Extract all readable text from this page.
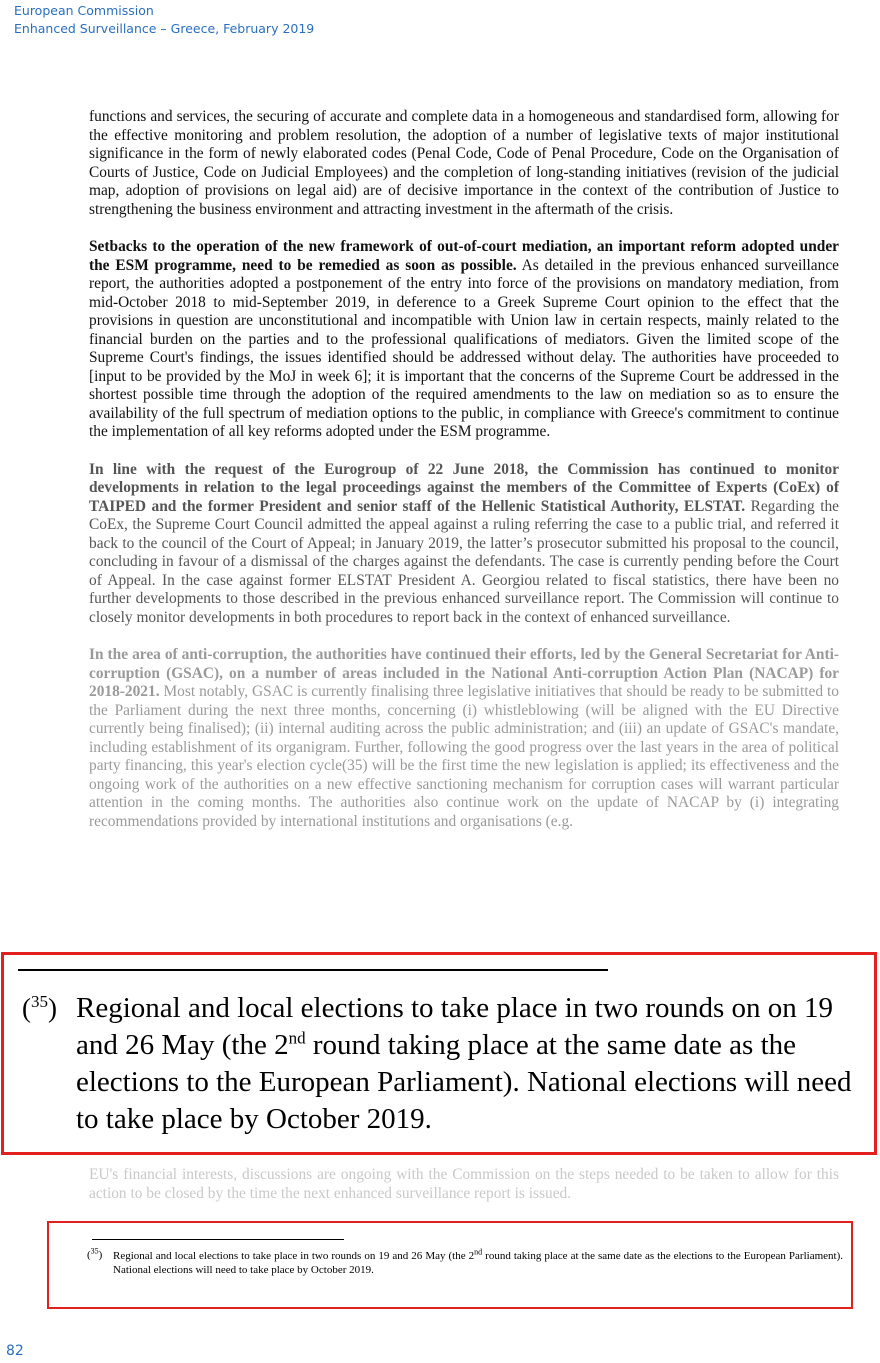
European Commission
Enhanced Surveillance – Greece, February 2019

functions and services, the securing of accurate and complete data in a homogeneous and standardised form, allowing for the effective monitoring and problem resolution, the adoption of a number of legislative texts of major institutional significance in the form of newly elaborated codes (Penal Code, Code of Penal Procedure, Code on the Organisation of Courts of Justice, Code on Judicial Employees) and the completion of long-standing initiatives (revision of the judicial map, adoption of provisions on legal aid) are of decisive importance in the context of the contribution of Justice to strengthening the business environment and attracting investment in the aftermath of the crisis.

Setbacks to the operation of the new framework of out-of-court mediation, an important reform adopted under the ESM programme, need to be remedied as soon as possible. As detailed in the previous enhanced surveillance report, the authorities adopted a postponement of the entry into force of the provisions on mandatory mediation, from mid-October 2018 to mid-September 2019, in deference to a Greek Supreme Court opinion to the effect that the provisions in question are unconstitutional and incompatible with Union law in certain respects, mainly related to the financial burden on the parties and to the professional qualifications of mediators. Given the limited scope of the Supreme Court's findings, the issues identified should be addressed without delay. The authorities have proceeded to [input to be provided by the MoJ in week 6]; it is important that the concerns of the Supreme Court be addressed in the shortest possible time through the adoption of the required amendments to the law on mediation so as to ensure the availability of the full spectrum of mediation options to the public, in compliance with Greece's commitment to continue the implementation of all key reforms adopted under the ESM programme.

In line with the request of the Eurogroup of 22 June 2018, the Commission has continued to monitor developments in relation to the legal proceedings against the members of the Committee of Experts (CoEx) of TAIPED and the former President and senior staff of the Hellenic Statistical Authority, ELSTAT. Regarding the CoEx, the Supreme Court Council admitted the appeal against a ruling referring the case to a public trial, and referred it back to the council of the Court of Appeal; in January 2019, the latter’s prosecutor submitted his proposal to the council, concluding in favour of a dismissal of the charges against the defendants. The case is currently pending before the Court of Appeal. In the case against former ELSTAT President A. Georgiou related to fiscal statistics, there have been no further developments to those described in the previous enhanced surveillance report. The Commission will continue to closely monitor developments in both procedures to report back in the context of enhanced surveillance.

In the area of anti-corruption, the authorities have continued their efforts, led by the General Secretariat for Anti-corruption (GSAC), on a number of areas included in the National Anti-corruption Action Plan (NACAP) for 2018-2021. Most notably, GSAC is currently finalising three legislative initiatives that should be ready to be submitted to the Parliament during the next three months, concerning (i) whistleblowing (will be aligned with the EU Directive currently being finalised); (ii) internal auditing across the public administration; and (iii) an update of GSAC's mandate, including establishment of its organigram. Further, following the good progress over the last years in the area of political party financing, this year's election cycle(35) will be the first time the new legislation is applied; its effectiveness and the ongoing work of the authorities on a new effective sanctioning mechanism for corruption cases will warrant particular attention in the coming months. The authorities also continue work on the update of NACAP by (i) integrating recommendations provided by international institutions and organisations (e.g.

EU's financial interests, discussions are ongoing with the Commission on the steps needed to be taken to allow for this action to be closed by the time the next enhanced surveillance report is issued.
($^{35}$) Regional and local elections to take place in two rounds on on 19 and 26 May (the 2nd round taking place at the same date as the elections to the European Parliament). National elections will need to take place by October 2019.
($^{35}$) Regional and local elections to take place in two rounds on 19 and 26 May (the 2nd round taking place at the same date as the elections to the European Parliament). National elections will need to take place by October 2019.
82
